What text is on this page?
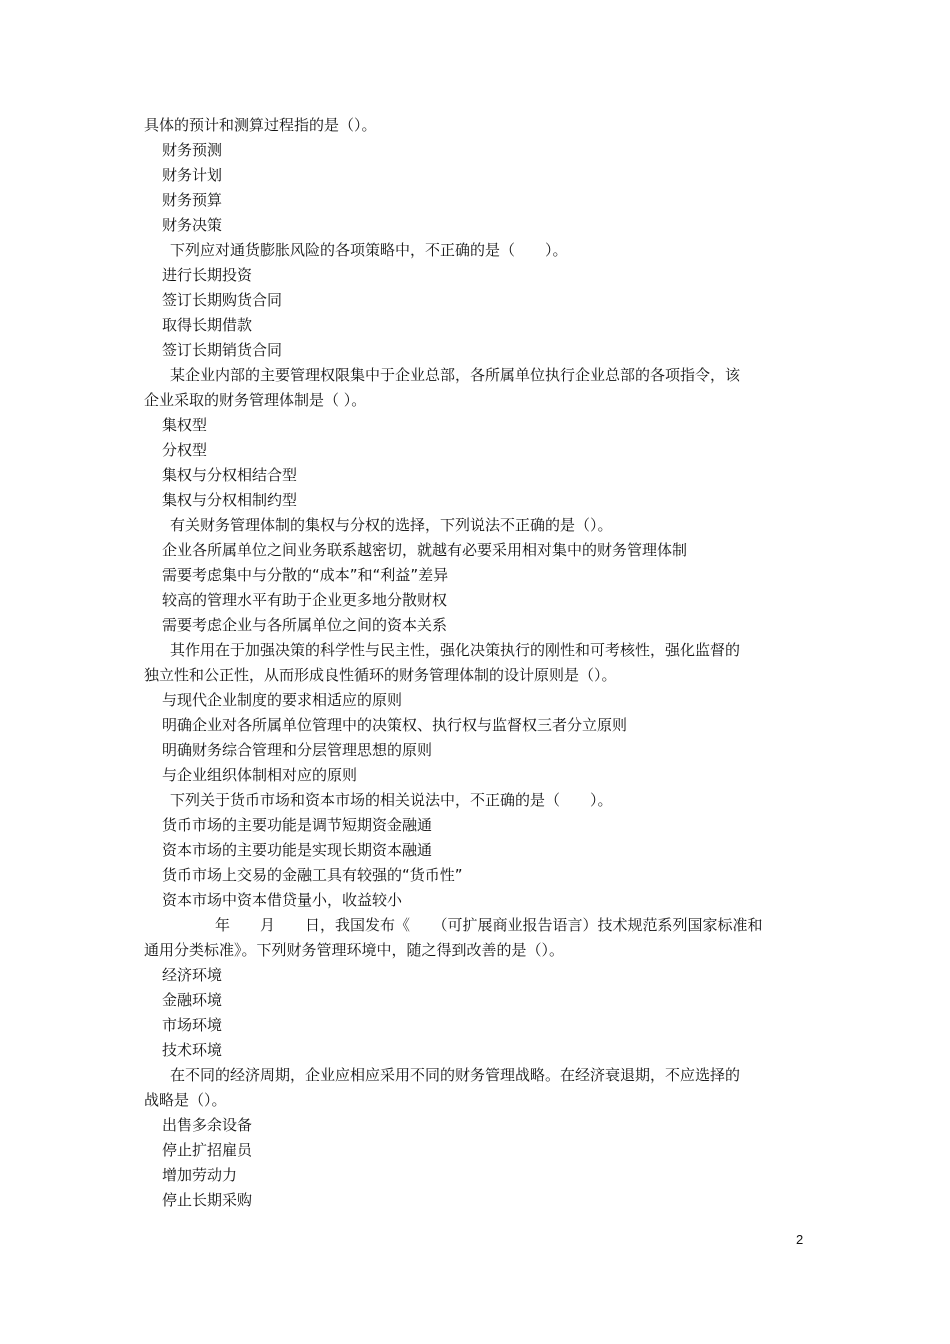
具体的预计和测算过程指的是（）。
财务预测
财务计划
财务预算
财务决策
下列应对通货膨胀风险的各项策略中，不正确的是（　　）。
进行长期投资
签订长期购货合同
取得长期借款
签订长期销货合同
某企业内部的主要管理权限集中于企业总部，各所属单位执行企业总部的各项指令，该
企业采取的财务管理体制是（ ）。
集权型
分权型
集权与分权相结合型
集权与分权相制约型
有关财务管理体制的集权与分权的选择，下列说法不正确的是（）。
企业各所属单位之间业务联系越密切，就越有必要采用相对集中的财务管理体制
需要考虑集中与分散的“成本”和“利益”差异
较高的管理水平有助于企业更多地分散财权
需要考虑企业与各所属单位之间的资本关系
其作用在于加强决策的科学性与民主性，强化决策执行的刚性和可考核性，强化监督的
独立性和公正性，从而形成良性循环的财务管理体制的设计原则是（）。
与现代企业制度的要求相适应的原则
明确企业对各所属单位管理中的决策权、执行权与监督权三者分立原则
明确财务综合管理和分层管理思想的原则
与企业组织体制相对应的原则
下列关于货币市场和资本市场的相关说法中，不正确的是（　　）。
货币市场的主要功能是调节短期资金融通
资本市场的主要功能是实现长期资本融通
货币市场上交易的金融工具有较强的“货币性”
资本市场中资本借贷量小，收益较小
　　　年　　月　　日，我国发布《　　（可扩展商业报告语言）技术规范系列国家标准和
通用分类标准》。下列财务管理环境中，随之得到改善的是（）。
经济环境
金融环境
市场环境
技术环境
在不同的经济周期，企业应相应采用不同的财务管理战略。在经济衰退期，不应选择的
战略是（）。
出售多余设备
停止扩招雇员
增加劳动力
停止长期采购
2
